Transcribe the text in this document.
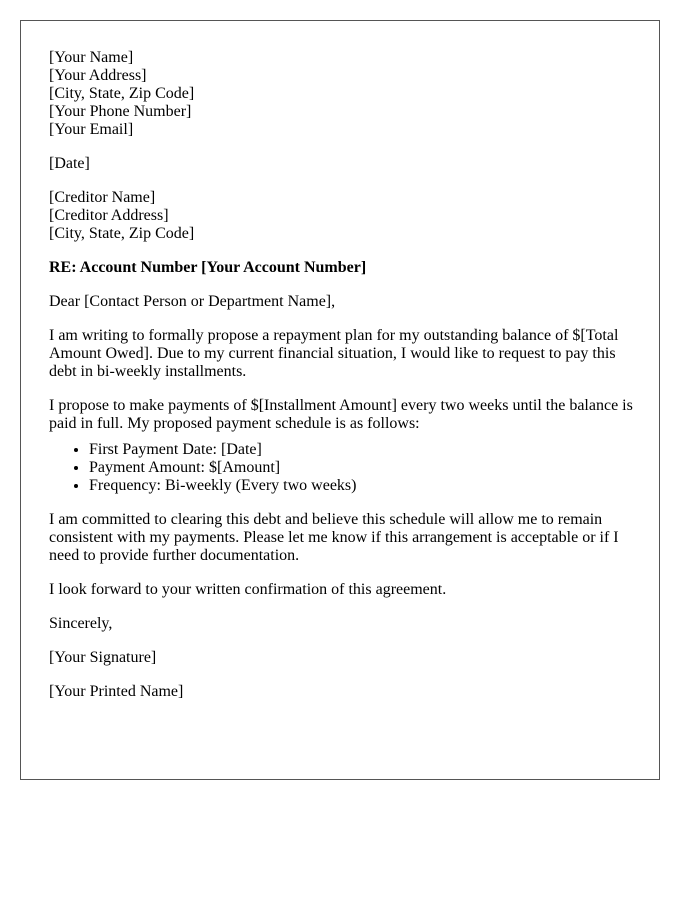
[Your Name]
[Your Address]
[City, State, Zip Code]
[Your Phone Number]
[Your Email]

[Date]

[Creditor Name]
[Creditor Address]
[City, State, Zip Code]

RE: Account Number [Your Account Number]

Dear [Contact Person or Department Name],

I am writing to formally propose a repayment plan for my outstanding balance of $[Total Amount Owed]. Due to my current financial situation, I would like to request to pay this debt in bi-weekly installments.

I propose to make payments of $[Installment Amount] every two weeks until the balance is paid in full. My proposed payment schedule is as follows:

• First Payment Date: [Date]
• Payment Amount: $[Amount]
• Frequency: Bi-weekly (Every two weeks)

I am committed to clearing this debt and believe this schedule will allow me to remain consistent with my payments. Please let me know if this arrangement is acceptable or if I need to provide further documentation.

I look forward to your written confirmation of this agreement.

Sincerely,

[Your Signature]

[Your Printed Name]
